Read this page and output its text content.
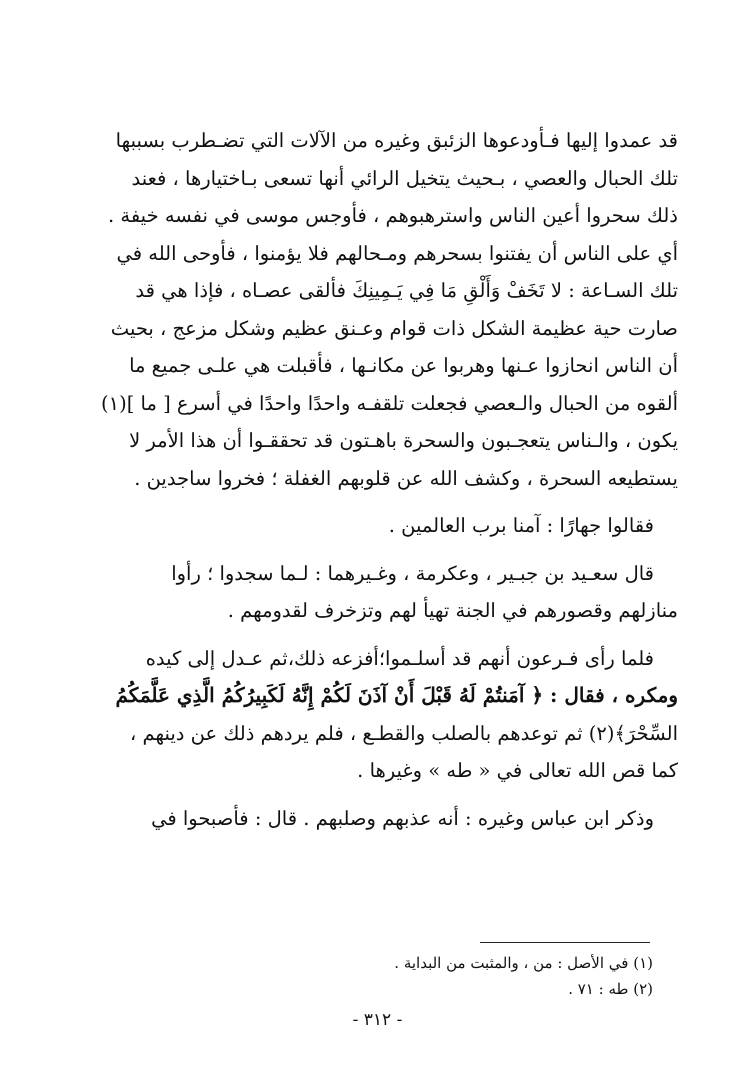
قد عمدوا إليها فـأودعوها الزئبق وغيره من الآلات التي تضـطرب بسببها
تلك الحبال والعصي ، بـحيث يتخيل الرائي أنها تسعى بـاختيارها ، فعند
ذلك سحروا أعين الناس واسترهبوهم ، فأوجس موسى في نفسه خيفة .
أي على الناس أن يفتنوا بسحرهم ومـحالهم فلا يؤمنوا ، فأوحى الله في
تلك السـاعة : لا تَخَفْ وَأَلْقِ مَا فِي يَـمِينِكَ فألقى عصـاه ، فإذا هي قد
صارت حية عظيمة الشكل ذات قوام وعـنق عظيم وشكل مزعج ، بحيث
أن الناس انحازوا عـنها وهربوا عن مكانـها ، فأقبلت هي علـى جميع ما
ألقوه من الحبال والـعصي فجعلت تلقفـه واحدًا واحدًا في أسرع [ ما ](١)
يكون ، والـناس يتعجـبون والسحرة باهـتون قد تحققـوا أن هذا الأمر لا
يستطيعه السحرة ، وكشف الله عن قلوبهم الغفلة ؛ فخروا ساجدين .
فقالوا جهارًا : آمنا برب العالمين .
قال سعـيد بن جبـير ، وعكرمة ، وغـيرهما : لـما سجدوا ؛ رأوا
منازلهم وقصورهم في الجنة تهيأ لهم وتزخرف لقدومهم .
فلما رأى فـرعون أنهم قد أسلـموا؛أفزعه ذلك،ثم عـدل إلى كيده
ومكره ، فقال : ﴿ آمَنتُمْ لَهُ قَبْلَ أَنْ آذَنَ لَكُمْ إِنَّهُ لَكَبِيرُكُمُ الَّذِي عَلَّمَكُمُ
السِّحْرَ﴾(٢) ثم توعدهم بالصلب والقطـع ، فلم يردهم ذلك عن دينهم ،
كما قص الله تعالى في « طه » وغيرها .
وذكر ابن عباس وغيره : أنه عذبهم وصلبهم . قال : فأصبحوا في
(١) في الأصل : من ، والمثبت من البداية .
(٢) طه : ٧١ .
- ٣١٢ -
